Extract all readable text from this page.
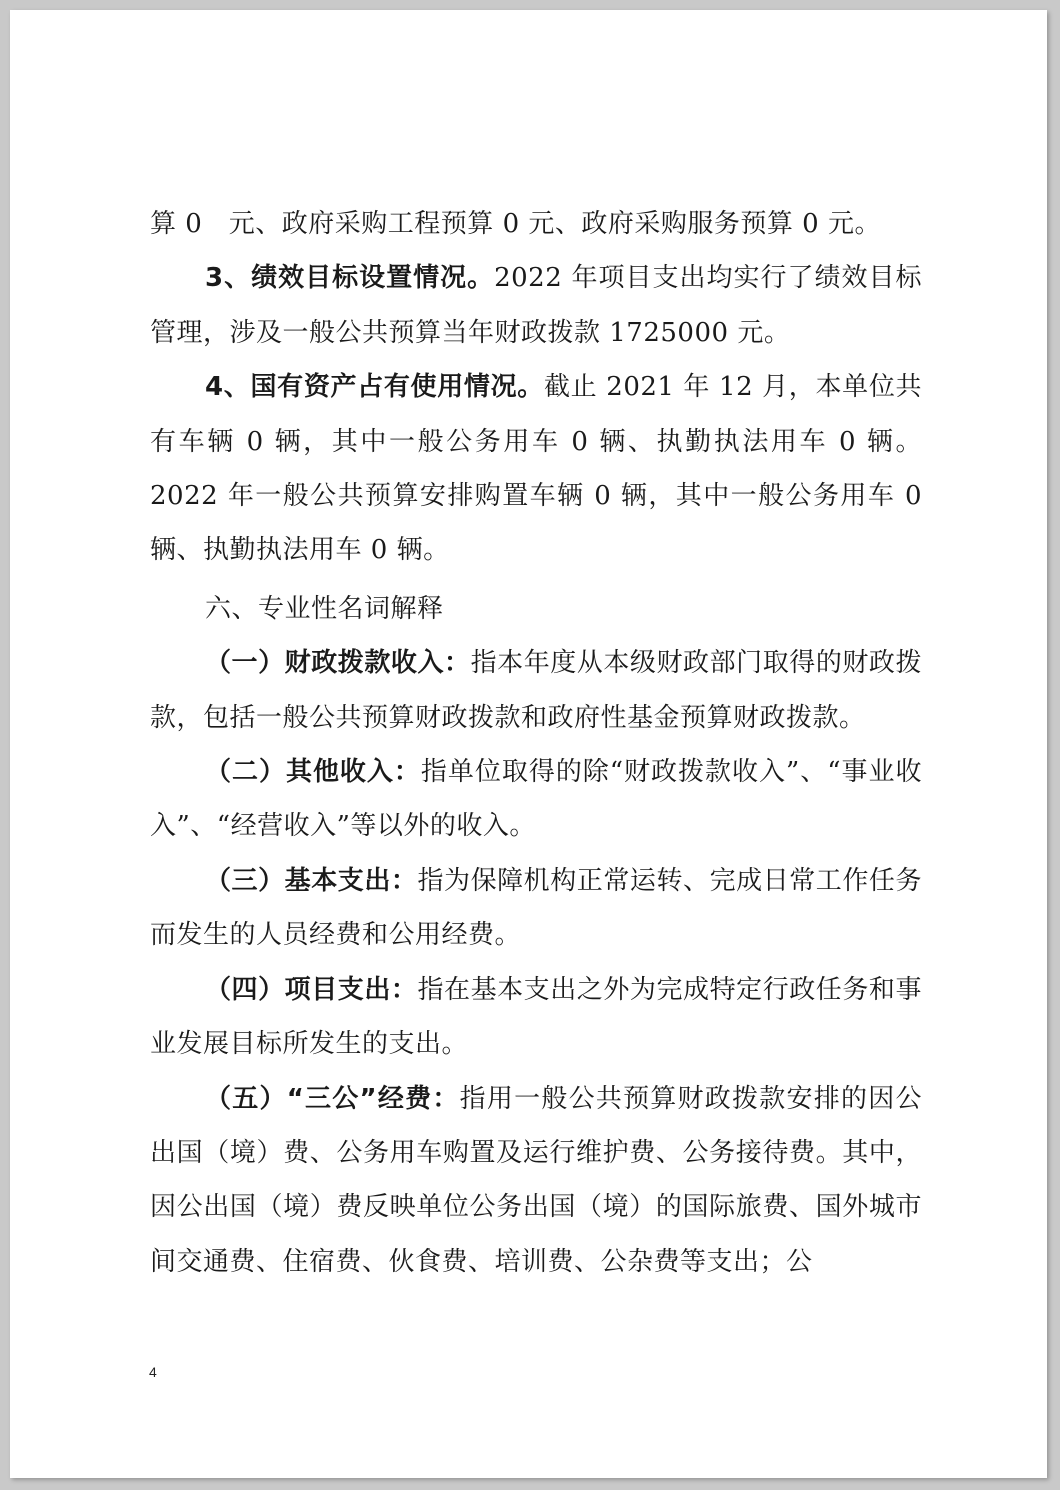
算 0　元、政府采购工程预算 0 元、政府采购服务预算 0 元。

3、绩效目标设置情况。2022 年项目支出均实行了绩效目标管理，涉及一般公共预算当年财政拨款 1725000 元。

4、国有资产占有使用情况。截止 2021 年 12 月，本单位共有车辆 0 辆，其中一般公务用车 0 辆、执勤执法用车 0 辆。2022 年一般公共预算安排购置车辆 0 辆，其中一般公务用车 0 辆、执勤执法用车 0 辆。

六、专业性名词解释

（一）财政拨款收入：指本年度从本级财政部门取得的财政拨款，包括一般公共预算财政拨款和政府性基金预算财政拨款。

（二）其他收入：指单位取得的除“财政拨款收入”、“事业收入”、“经营收入”等以外的收入。

（三）基本支出：指为保障机构正常运转、完成日常工作任务而发生的人员经费和公用经费。

（四）项目支出：指在基本支出之外为完成特定行政任务和事业发展目标所发生的支出。

（五）“三公”经费：指用一般公共预算财政拨款安排的因公出国（境）费、公务用车购置及运行维护费、公务接待费。其中，因公出国（境）费反映单位公务出国（境）的国际旅费、国外城市间交通费、住宿费、伙食费、培训费、公杂费等支出；公

4
